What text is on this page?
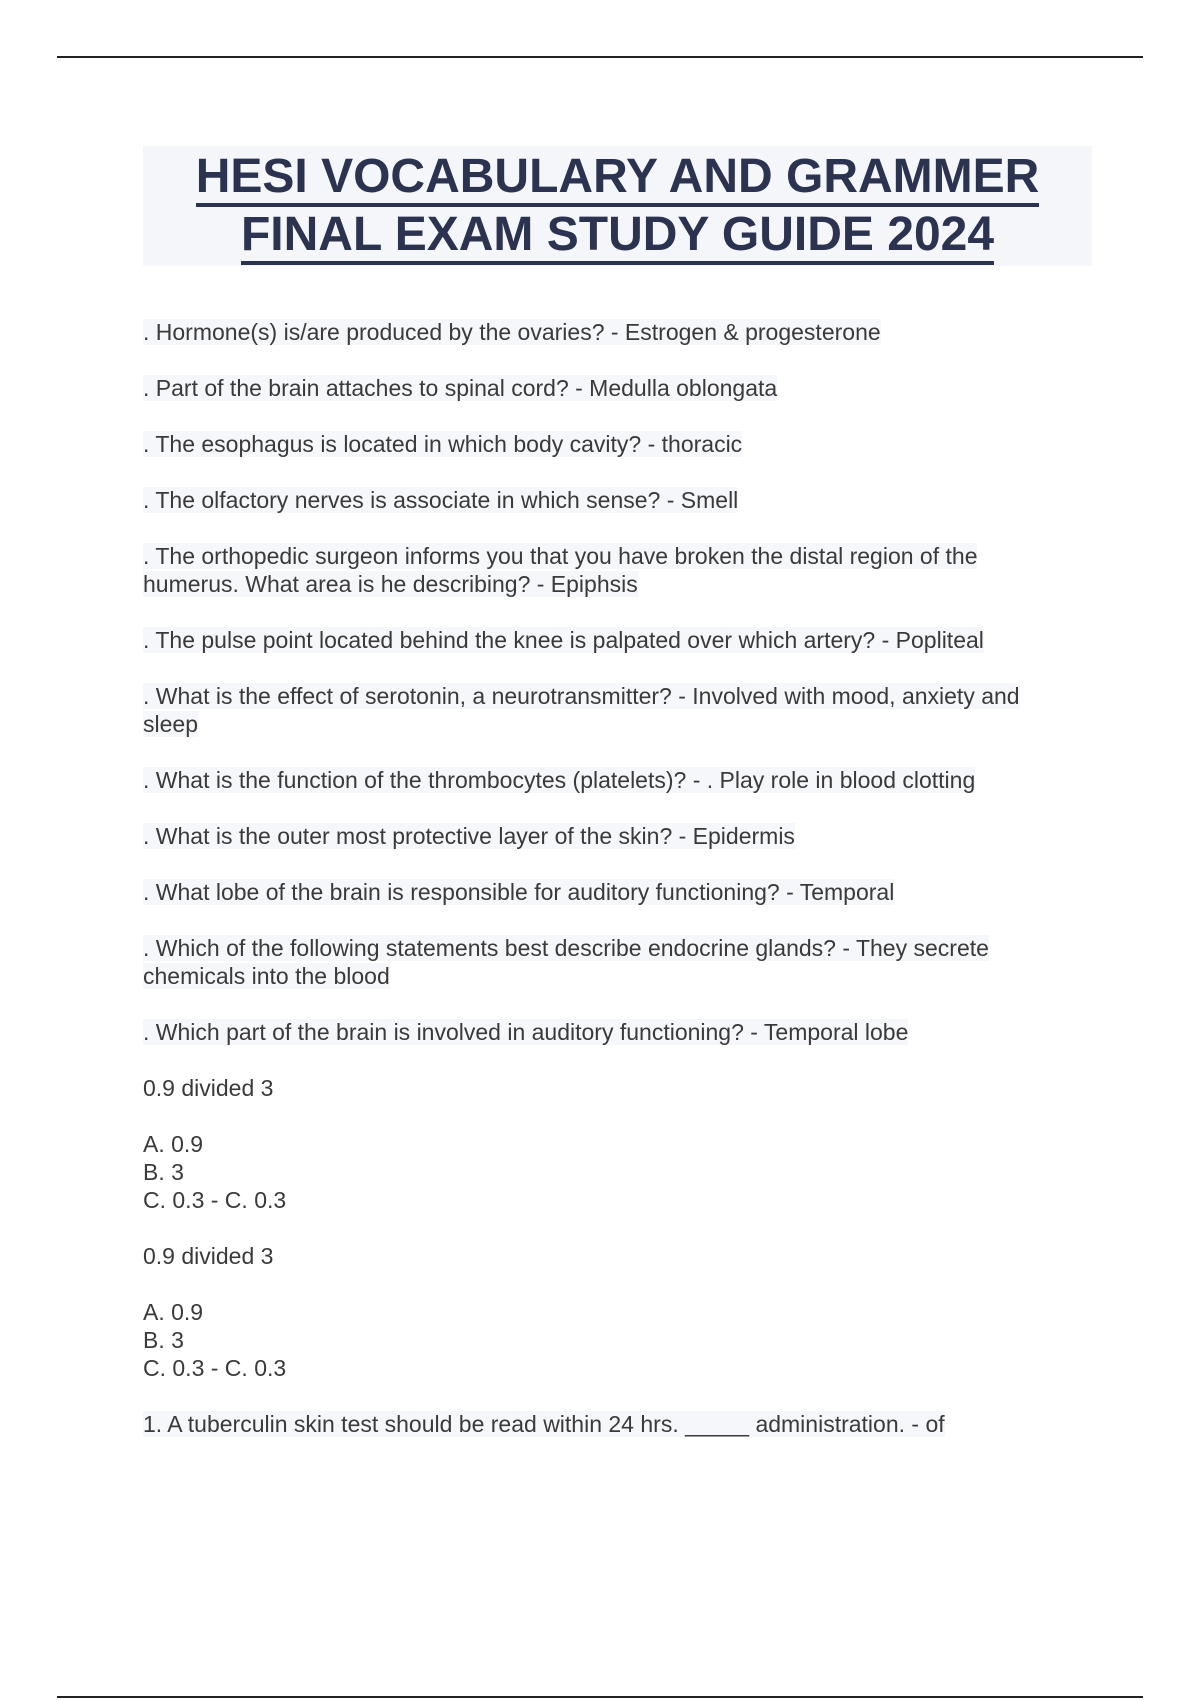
HESI VOCABULARY AND GRAMMER
FINAL EXAM STUDY GUIDE 2024
. Hormone(s) is/are produced by the ovaries? - Estrogen & progesterone
. Part of the brain attaches to spinal cord? - Medulla oblongata
. The esophagus is located in which body cavity? - thoracic
. The olfactory nerves is associate in which sense? - Smell
. The orthopedic surgeon informs you that you have broken the distal region of the
humerus. What area is he describing? - Epiphsis
. The pulse point located behind the knee is palpated over which artery? - Popliteal
. What is the effect of serotonin, a neurotransmitter? - Involved with mood, anxiety and
sleep
. What is the function of the thrombocytes (platelets)? - . Play role in blood clotting
. What is the outer most protective layer of the skin? - Epidermis
. What lobe of the brain is responsible for auditory functioning? - Temporal
. Which of the following statements best describe endocrine glands? - They secrete
chemicals into the blood
. Which part of the brain is involved in auditory functioning? - Temporal lobe
0.9 divided 3
A. 0.9
B. 3
C. 0.3 - C. 0.3
0.9 divided 3
A. 0.9
B. 3
C. 0.3 - C. 0.3
1. A tuberculin skin test should be read within 24 hrs. _____ administration. - of
